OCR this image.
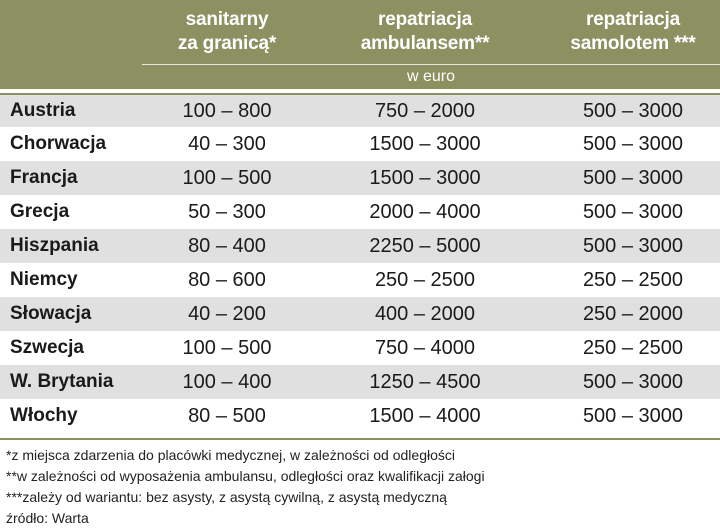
sanitarny
za granicą*
repatriacja
ambulansem**
repatriacja
samolotem ***
w euro
Austria	100 – 800	750 – 2000	500 – 3000
Chorwacja	40 – 300	1500 – 3000	500 – 3000
Francja	100 – 500	1500 – 3000	500 – 3000
Grecja	50 – 300	2000 – 4000	500 – 3000
Hiszpania	80 – 400	2250 – 5000	500 – 3000
Niemcy	80 – 600	250 – 2500	250 – 2500
Słowacja	40 – 200	400 – 2000	250 – 2000
Szwecja	100 – 500	750 – 4000	250 – 2500
W. Brytania	100 – 400	1250 – 4500	500 – 3000
Włochy	80 – 500	1500 – 4000	500 – 3000
*z miejsca zdarzenia do placówki medycznej, w zależności od odległości
**w zależności od wyposażenia ambulansu, odległości oraz kwalifikacji załogi
***zależy od wariantu: bez asysty, z asystą cywilną, z asystą medyczną
źródło: Warta
